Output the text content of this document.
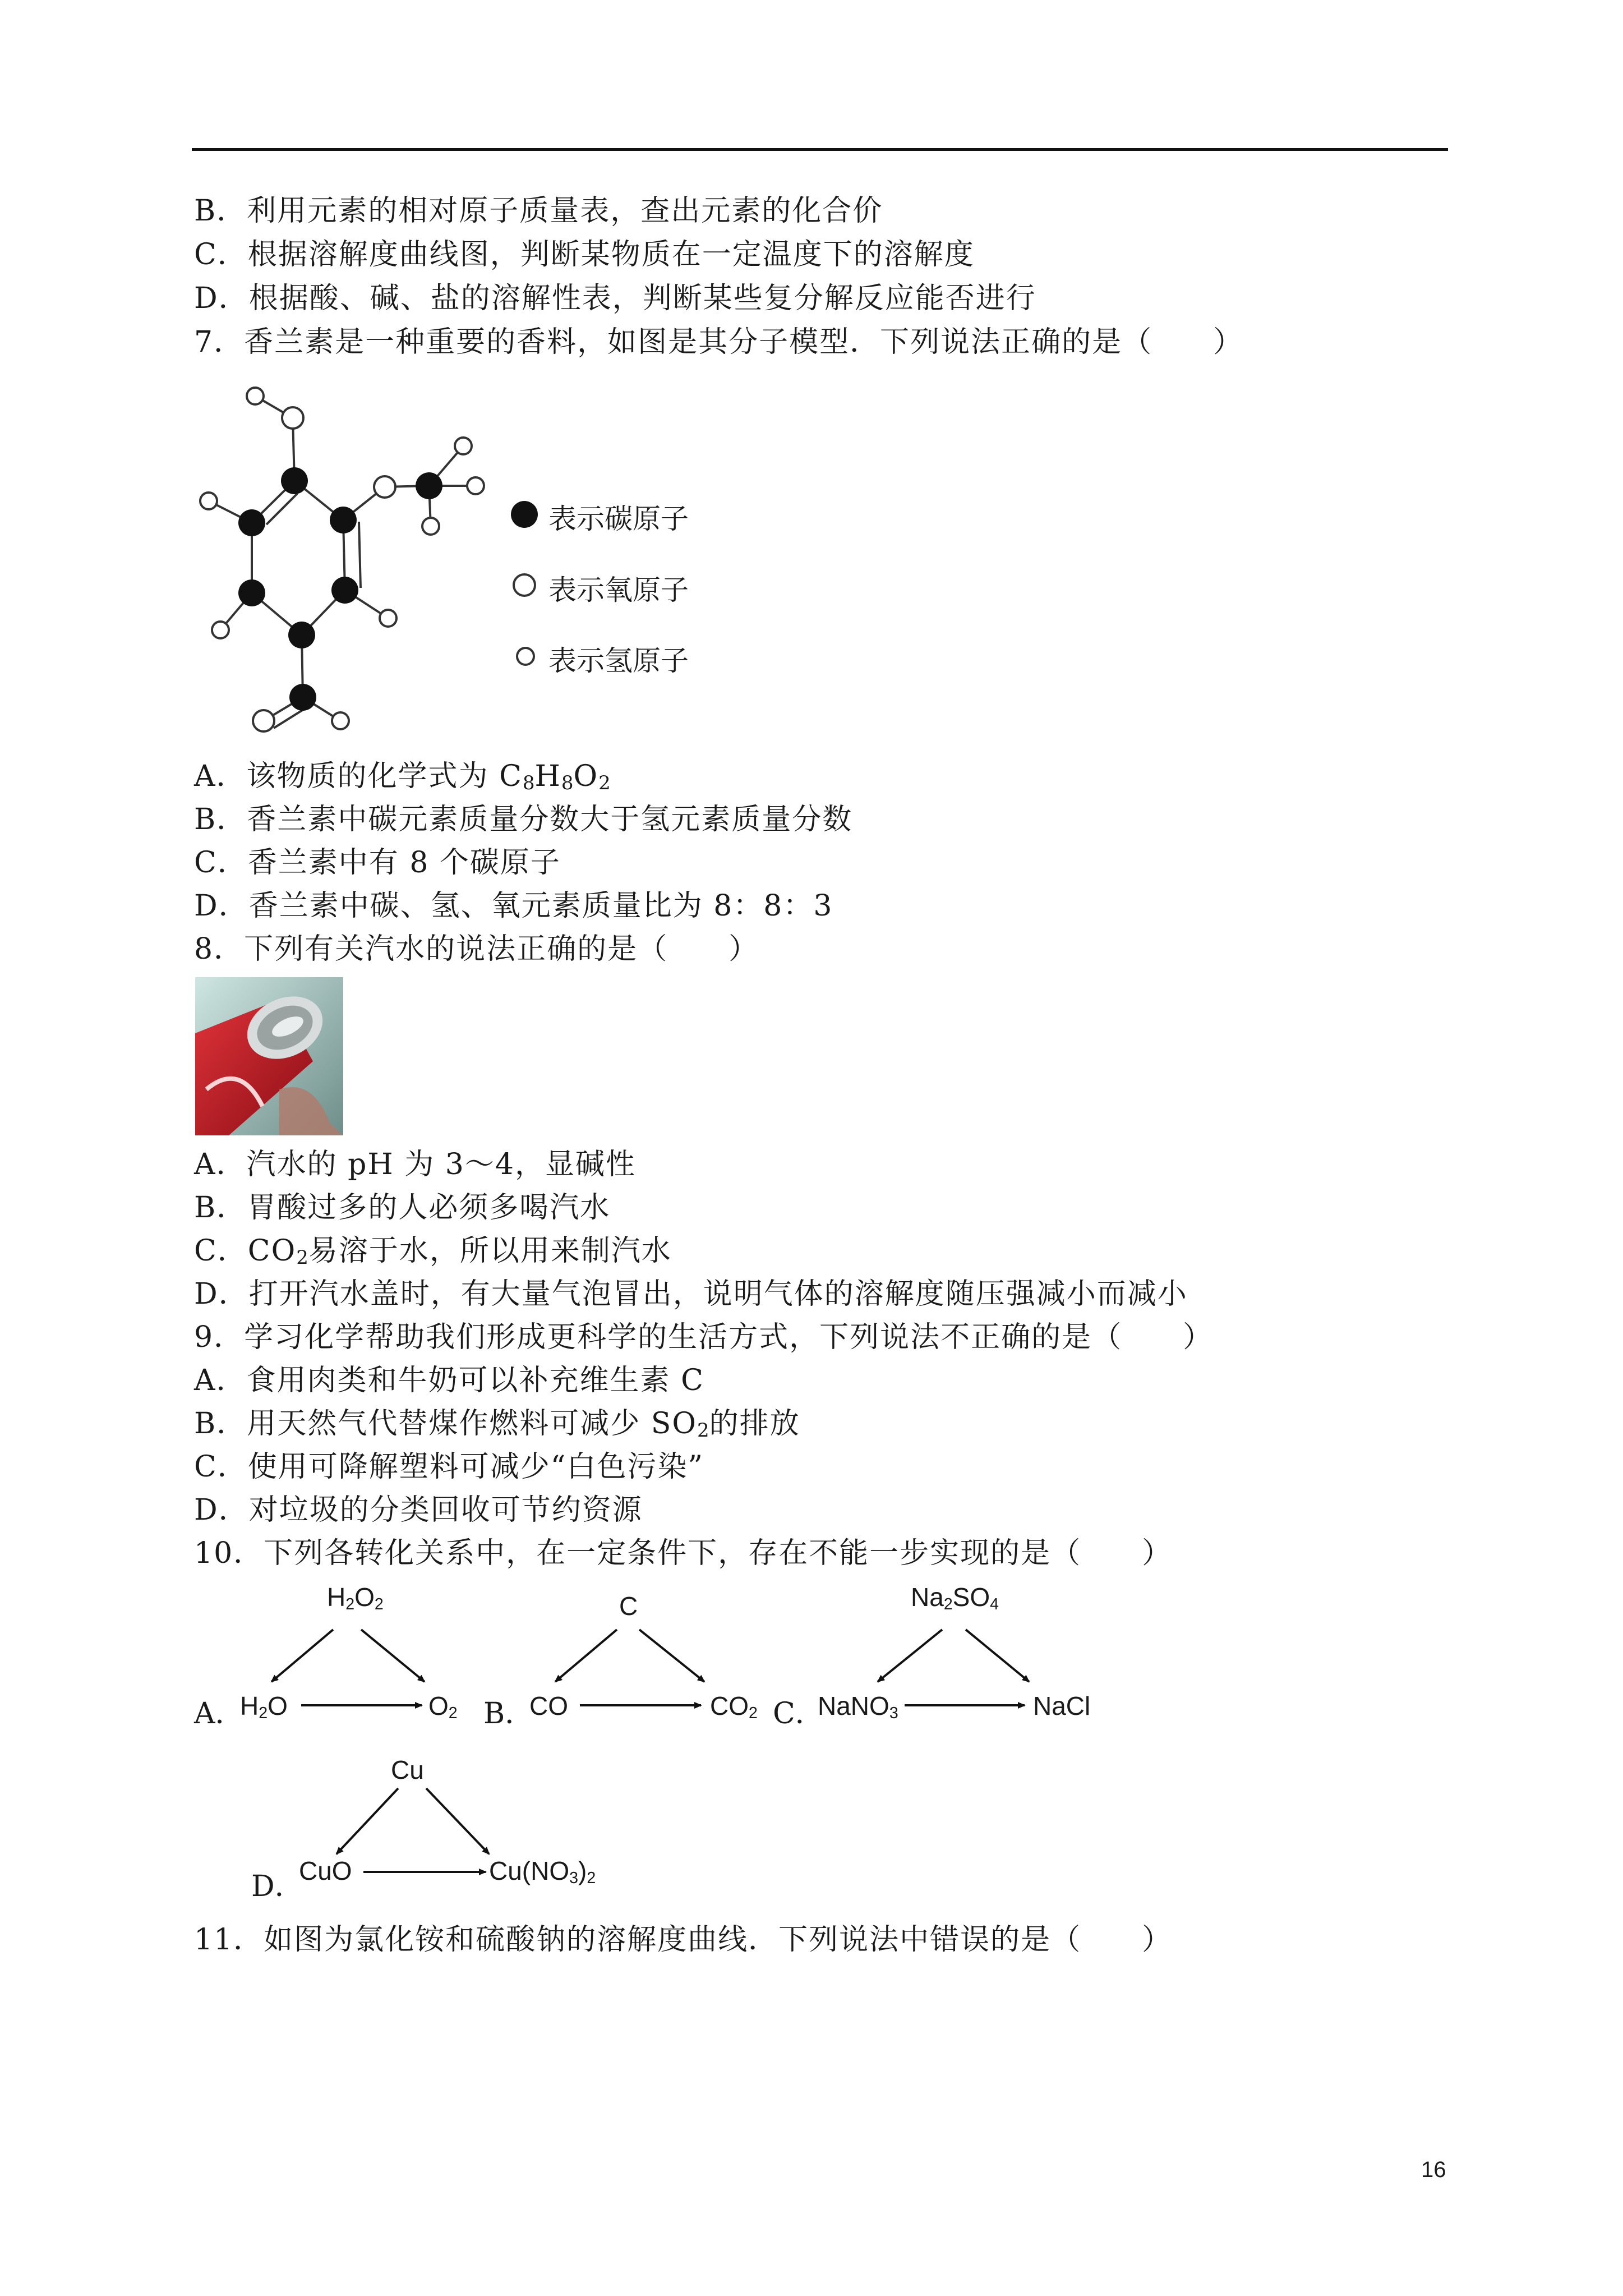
B．利用元素的相对原子质量表，查出元素的化合价
C．根据溶解度曲线图，判断某物质在一定温度下的溶解度
D．根据酸、碱、盐的溶解性表，判断某些复分解反应能否进行
7．香兰素是一种重要的香料，如图是其分子模型．下列说法正确的是（　　）
表示碳原子
表示氧原子
表示氢原子
A．该物质的化学式为 $C_8H_8O_2$
B．香兰素中碳元素质量分数大于氢元素质量分数
C．香兰素中有 8 个碳原子
D．香兰素中碳、氢、氧元素质量比为 8：8：3
8．下列有关汽水的说法正确的是（　　）
A．汽水的 pH 为 3～4，显碱性
B．胃酸过多的人必须多喝汽水
C．$CO_2$易溶于水，所以用来制汽水
D．打开汽水盖时，有大量气泡冒出，说明气体的溶解度随压强减小而减小
9．学习化学帮助我们形成更科学的生活方式，下列说法不正确的是（　　）
A．食用肉类和牛奶可以补充维生素 C
B．用天然气代替煤作燃料可减少 $SO_2$的排放
C．使用可降解塑料可减少“白色污染”
D．对垃圾的分类回收可节约资源
10．下列各转化关系中，在一定条件下，存在不能一步实现的是（　　）
A．
$H_2O_2$
$H_2O$	$O_2$ B．
C
CO	$CO_2$ C．
$Na_2SO_4$
NaNO$_3$	NaCl
D．
Cu
CuO	$Cu(NO_3)_2$
11．如图为氯化铵和硫酸钠的溶解度曲线．下列说法中错误的是（　　）
16
